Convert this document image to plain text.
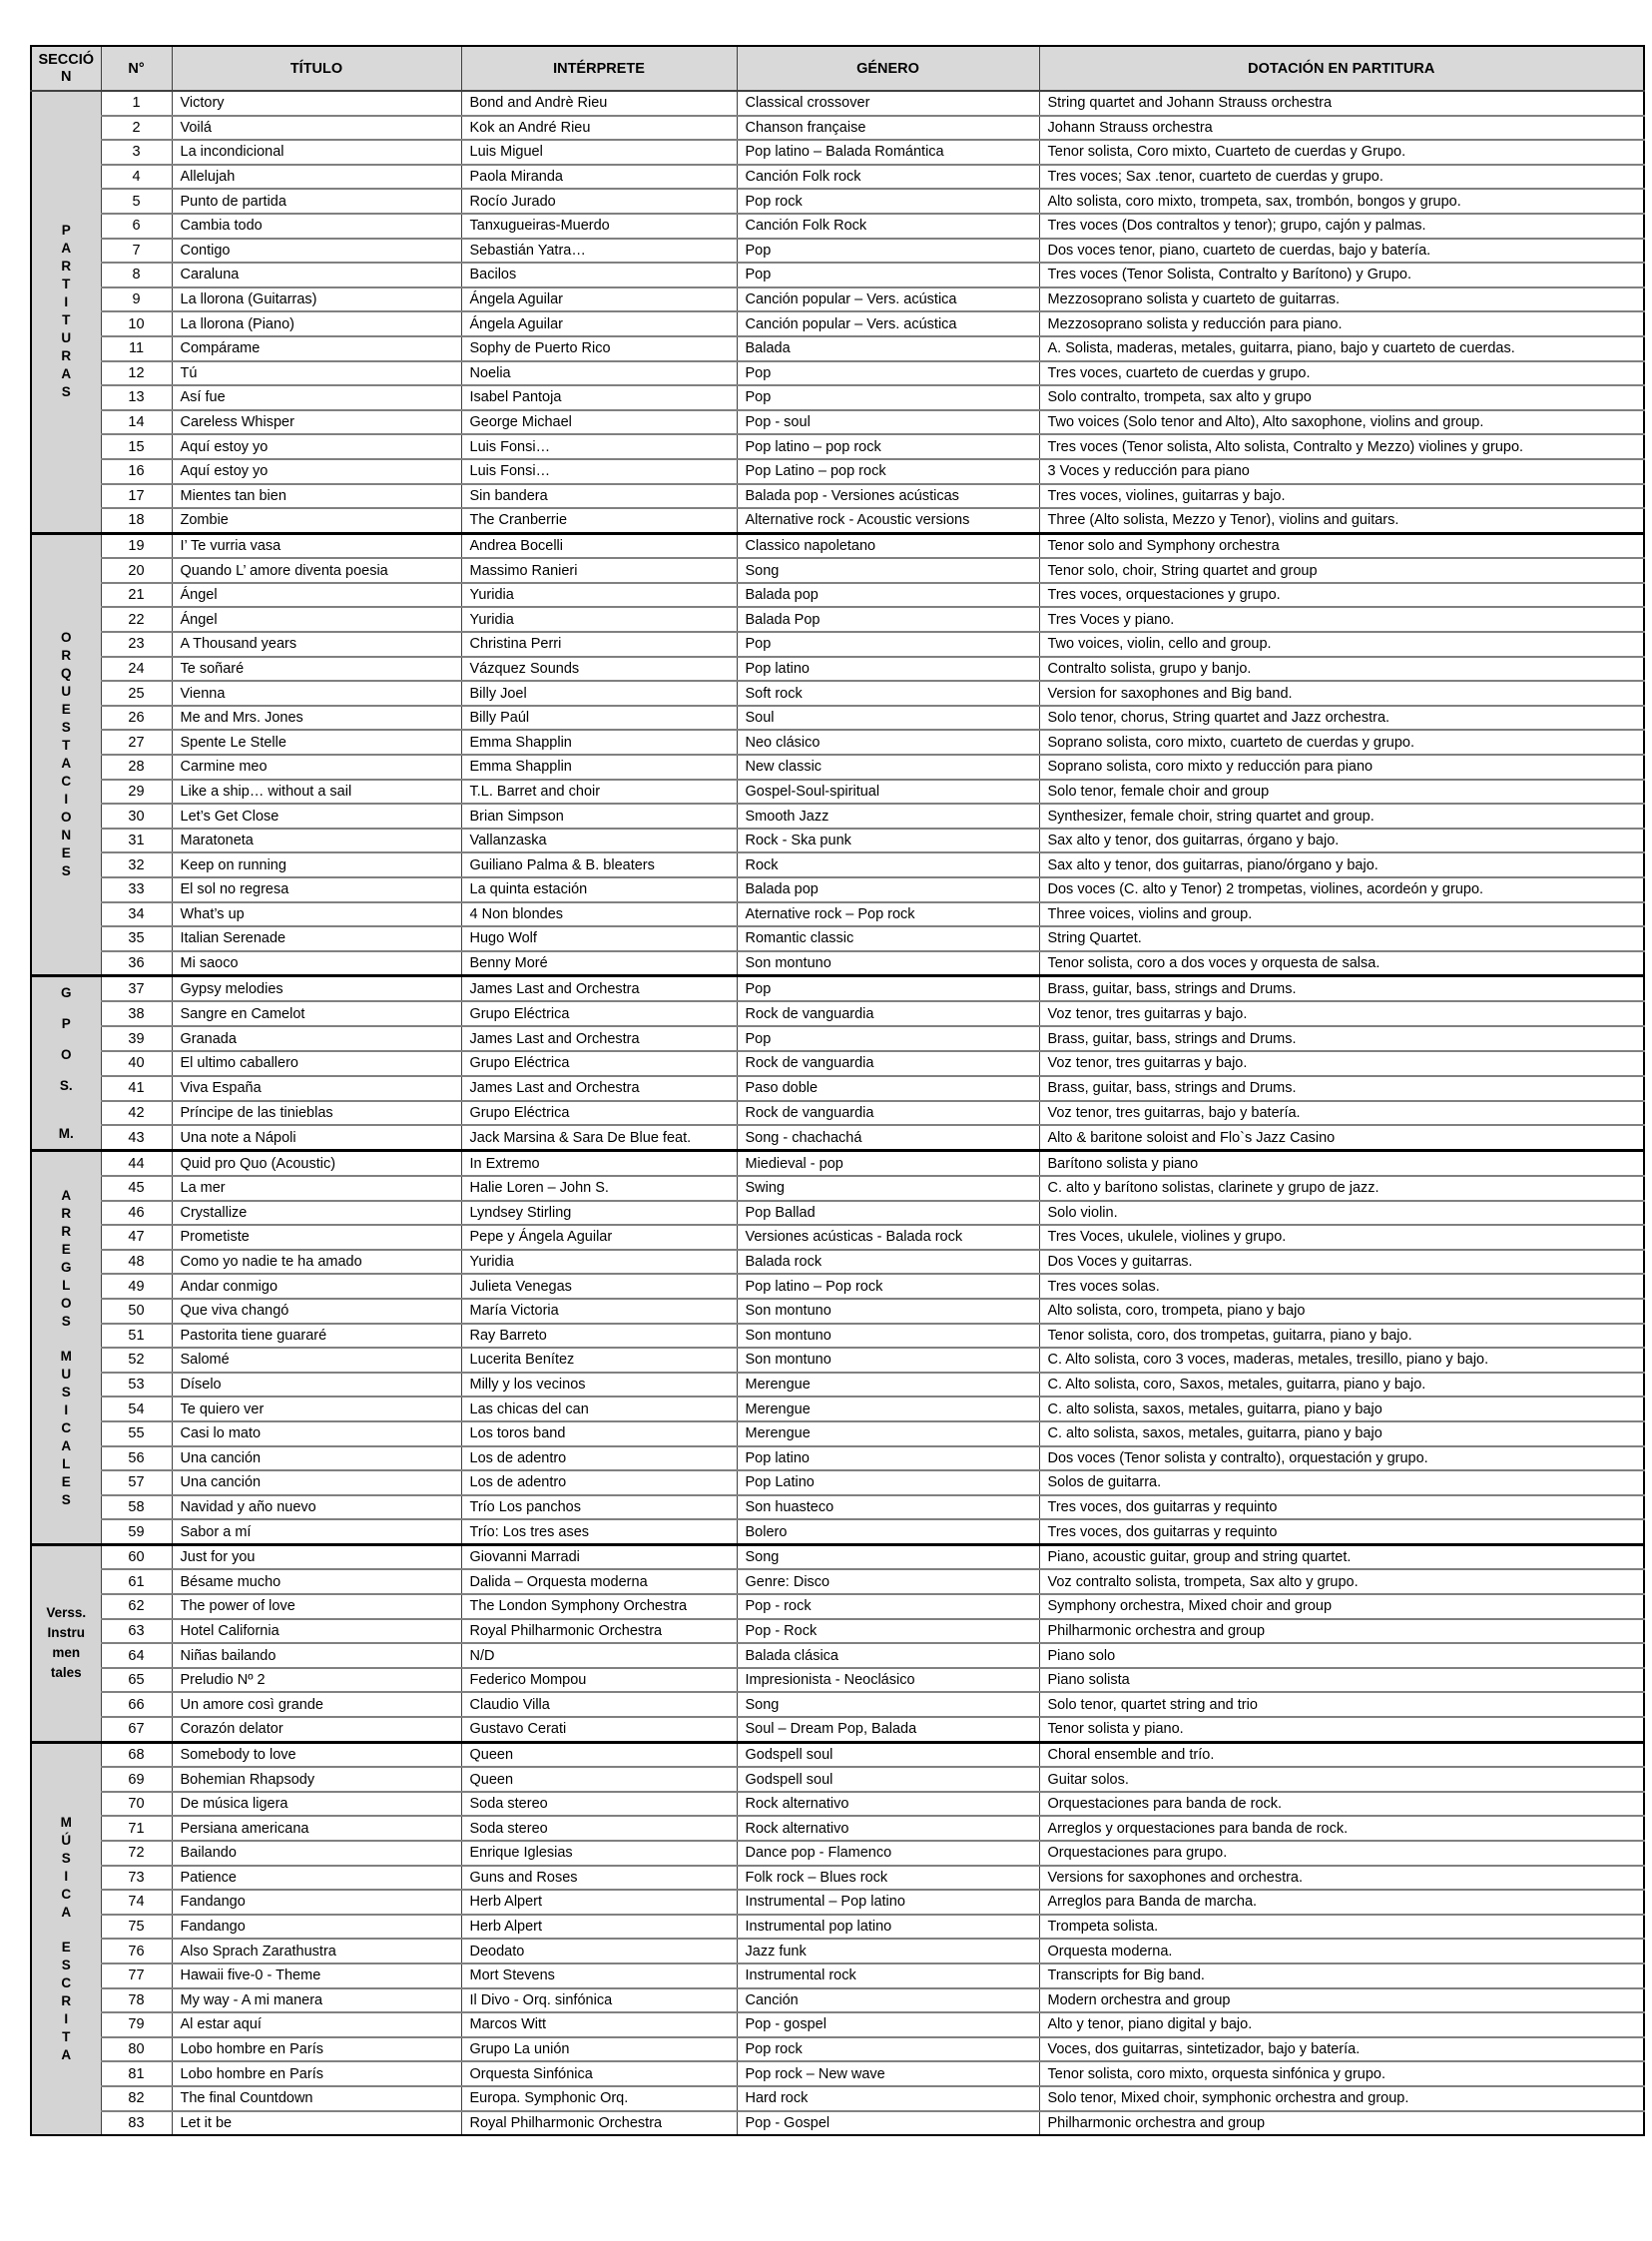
SECCIÓN	N°	TÍTULO	INTÉRPRETE	GÉNERO	DOTACIÓN EN PARTITURA

P
A
R
T
I
T
U
R
A
S
	1	Victory	Bond and Andrè Rieu	Classical crossover	String quartet and Johann Strauss orchestra
	2	Voilá	Kok an André Rieu	Chanson française	Johann Strauss orchestra
	3	La incondicional	Luis Miguel	Pop latino – Balada Romántica	Tenor solista, Coro mixto, Cuarteto de cuerdas y Grupo.
	4	Allelujah	Paola Miranda	Canción Folk rock	Tres voces; Sax .tenor, cuarteto de cuerdas y grupo.
	5	Punto de partida	Rocío Jurado	Pop rock	Alto solista, coro mixto, trompeta, sax, trombón, bongos y grupo.
	6	Cambia todo	Tanxugueiras-Muerdo	Canción Folk Rock	Tres voces (Dos contraltos y tenor); grupo, cajón y palmas.
	7	Contigo	Sebastián Yatra…	Pop	Dos voces tenor, piano, cuarteto de cuerdas, bajo y batería.
	8	Caraluna	Bacilos	Pop	Tres voces (Tenor Solista, Contralto y Barítono) y Grupo.
	9	La llorona (Guitarras)	Ángela Aguilar	Canción popular – Vers. acústica	Mezzosoprano solista y cuarteto de guitarras.
	10	La llorona (Piano)	Ángela Aguilar	Canción popular – Vers. acústica	Mezzosoprano solista y reducción para piano.
	11	Compárame	Sophy de Puerto Rico	Balada	A. Solista, maderas, metales, guitarra, piano, bajo y cuarteto de cuerdas.
	12	Tú	Noelia	Pop	Tres voces, cuarteto de cuerdas y grupo.
	13	Así fue	Isabel Pantoja	Pop	Solo contralto, trompeta, sax alto y grupo
	14	Careless Whisper	George Michael	Pop - soul	Two voices (Solo tenor and Alto), Alto saxophone, violins and group.
	15	Aquí estoy yo	Luis Fonsi…	Pop latino – pop rock	Tres voces (Tenor solista, Alto solista, Contralto y Mezzo) violines y grupo.
	16	Aquí estoy yo	Luis Fonsi…	Pop Latino – pop rock	3 Voces y reducción para piano
	17	Mientes tan bien	Sin bandera	Balada pop - Versiones acústicas	Tres voces, violines, guitarras y bajo.
	18	Zombie	The Cranberrie	Alternative rock - Acoustic versions	Three (Alto solista, Mezzo y Tenor), violins and guitars.

O
R
Q
U
E
S
T
A
C
I
O
N
E
S
	19	I’ Te vurria vasa	Andrea Bocelli	Classico napoletano	Tenor solo and Symphony orchestra
	20	Quando L’ amore diventa poesia	Massimo Ranieri	Song	Tenor solo, choir, String quartet and group
	21	Ángel	Yuridia	Balada pop	Tres voces, orquestaciones y grupo.
	22	Ángel	Yuridia	Balada Pop	Tres Voces y piano.
	23	A Thousand years	Christina Perri	Pop	Two voices, violin, cello and group.
	24	Te soñaré	Vázquez Sounds	Pop latino	Contralto solista, grupo y banjo.
	25	Vienna	Billy Joel	Soft rock	Version for saxophones and Big band.
	26	Me and Mrs. Jones	Billy Paúl	Soul	Solo tenor, chorus, String quartet and Jazz orchestra.
	27	Spente Le Stelle	Emma Shapplin	Neo clásico	Soprano solista, coro mixto, cuarteto de cuerdas y grupo.
	28	Carmine meo	Emma Shapplin	New classic	Soprano solista, coro mixto y reducción para piano
	29	Like a ship… without a sail	T.L. Barret and choir	Gospel-Soul-spiritual	Solo tenor, female choir and group
	30	Let’s Get Close	Brian Simpson	Smooth Jazz	Synthesizer, female choir, string quartet and group.
	31	Maratoneta	Vallanzaska	Rock - Ska punk	Sax alto y tenor, dos guitarras, órgano y bajo.
	32	Keep on running	Guiliano Palma & B. bleaters	Rock	Sax alto y tenor, dos guitarras, piano/órgano y bajo.
	33	El sol no regresa	La quinta estación	Balada pop	Dos voces (C. alto y Tenor) 2 trompetas, violines, acordeón y grupo.
	34	What’s up	4 Non blondes	Aternative rock – Pop rock	Three voices, violins and group.
	35	Italian Serenade	Hugo Wolf	Romantic classic	String Quartet.
	36	Mi saoco	Benny Moré	Son montuno	Tenor solista, coro a dos voces y orquesta de salsa.

G
P
O
S.
M.	37	Gypsy melodies	James Last and Orchestra	Pop	Brass, guitar, bass, strings and Drums.
	38	Sangre en Camelot	Grupo Eléctrica	Rock de vanguardia	Voz tenor, tres guitarras y bajo.
	39	Granada	James Last and Orchestra	Pop	Brass, guitar, bass, strings and Drums.
	40	El ultimo caballero	Grupo Eléctrica	Rock de vanguardia	Voz tenor, tres guitarras y bajo.
	41	Viva España	James Last and Orchestra	Paso doble	Brass, guitar, bass, strings and Drums.
	42	Príncipe de las tinieblas	Grupo Eléctrica	Rock de vanguardia	Voz tenor, tres guitarras, bajo y batería.
	43	Una note a Nápoli	Jack Marsina & Sara De Blue feat.	Song - chachachá	Alto & baritone soloist and Flo`s Jazz Casino

A
R
R
E
G
L
O
S
M
U
S
I
C
A
L
E
S
	44	Quid pro Quo (Acoustic)	In Extremo	Miedieval - pop	Barítono solista y piano
	45	La mer	Halie Loren – John S.	Swing	C. alto y barítono solistas, clarinete y grupo de jazz.
	46	Crystallize	Lyndsey Stirling	Pop Ballad	Solo violin.
	47	Prometiste	Pepe y Ángela Aguilar	Versiones acústicas - Balada rock	Tres Voces, ukulele, violines y grupo.
	48	Como yo nadie te ha amado	Yuridia	Balada rock	Dos Voces y guitarras.
	49	Andar conmigo	Julieta Venegas	Pop latino – Pop rock	Tres voces solas.
	50	Que viva changó	María Victoria	Son montuno	Alto solista, coro, trompeta, piano y bajo
	51	Pastorita tiene guararé	Ray Barreto	Son montuno	Tenor solista, coro, dos trompetas, guitarra, piano y bajo.
	52	Salomé	Lucerita Benítez	Son montuno	C. Alto solista, coro 3 voces, maderas, metales, tresillo, piano y bajo.
	53	Díselo	Milly y los vecinos	Merengue	C. Alto solista, coro, Saxos, metales, guitarra, piano y bajo.
	54	Te quiero ver	Las chicas del can	Merengue	C. alto solista, saxos, metales, guitarra, piano y bajo
	55	Casi lo mato	Los toros band	Merengue	C. alto solista, saxos, metales, guitarra, piano y bajo
	56	Una canción	Los de adentro	Pop latino	Dos voces (Tenor solista y contralto), orquestación y grupo.
	57	Una canción	Los de adentro	Pop Latino	Solos de guitarra.
	58	Navidad y año nuevo	Trío Los panchos	Son huasteco	Tres voces, dos guitarras y requinto
	59	Sabor a mí	Trío: Los tres ases	Bolero	Tres voces, dos guitarras y requinto

Verss.
Instru
men
tales	60	Just for you	Giovanni Marradi	Song	Piano, acoustic guitar, group and string quartet.
	61	Bésame mucho	Dalida – Orquesta moderna	Genre: Disco	Voz contralto solista, trompeta, Sax alto y grupo.
	62	The power of love	The London Symphony Orchestra	Pop - rock	Symphony orchestra, Mixed choir and group
	63	Hotel California	Royal Philharmonic Orchestra	Pop - Rock	Philharmonic orchestra and group
	64	Niñas bailando	N/D	Balada clásica	Piano solo
	65	Preludio Nº 2	Federico Mompou	Impresionista - Neoclásico	Piano solista
	66	Un amore così grande	Claudio Villa	Song	Solo tenor, quartet string and trio
	67	Corazón delator	Gustavo Cerati	Soul – Dream Pop, Balada	Tenor solista y piano.

M
Ú
S
I
C
A
E
S
C
R
I
T
A
	68	Somebody to love	Queen	Godspell soul	Choral ensemble and trío.
	69	Bohemian Rhapsody	Queen	Godspell soul	Guitar solos.
	70	De música ligera	Soda stereo	Rock alternativo	Orquestaciones para banda de rock.
	71	Persiana americana	Soda stereo	Rock alternativo	Arreglos y orquestaciones para banda de rock.
	72	Bailando	Enrique Iglesias	Dance pop - Flamenco	Orquestaciones para grupo.
	73	Patience	Guns and Roses	Folk rock – Blues rock	Versions for saxophones and orchestra.
	74	Fandango	Herb Alpert	Instrumental – Pop latino	Arreglos para Banda de marcha.
	75	Fandango	Herb Alpert	Instrumental pop latino	Trompeta solista.
	76	Also Sprach Zarathustra	Deodato	Jazz funk	Orquesta moderna.
	77	Hawaii five-0 - Theme	Mort Stevens	Instrumental rock	Transcripts for Big band.
	78	My way - A mi manera	Il Divo - Orq. sinfónica	Canción	Modern orchestra and group
	79	Al estar aquí	Marcos Witt	Pop - gospel	Alto y tenor, piano digital y bajo.
	80	Lobo hombre en París	Grupo La unión	Pop rock	Voces, dos guitarras, sintetizador, bajo y batería.
	81	Lobo hombre en París	Orquesta Sinfónica	Pop rock – New wave	Tenor solista, coro mixto, orquesta sinfónica y grupo.
	82	The final Countdown	Europa. Symphonic Orq.	Hard rock	Solo tenor, Mixed choir, symphonic orchestra and group.
	83	Let it be	Royal Philharmonic Orchestra	Pop - Gospel	Philharmonic orchestra and group
